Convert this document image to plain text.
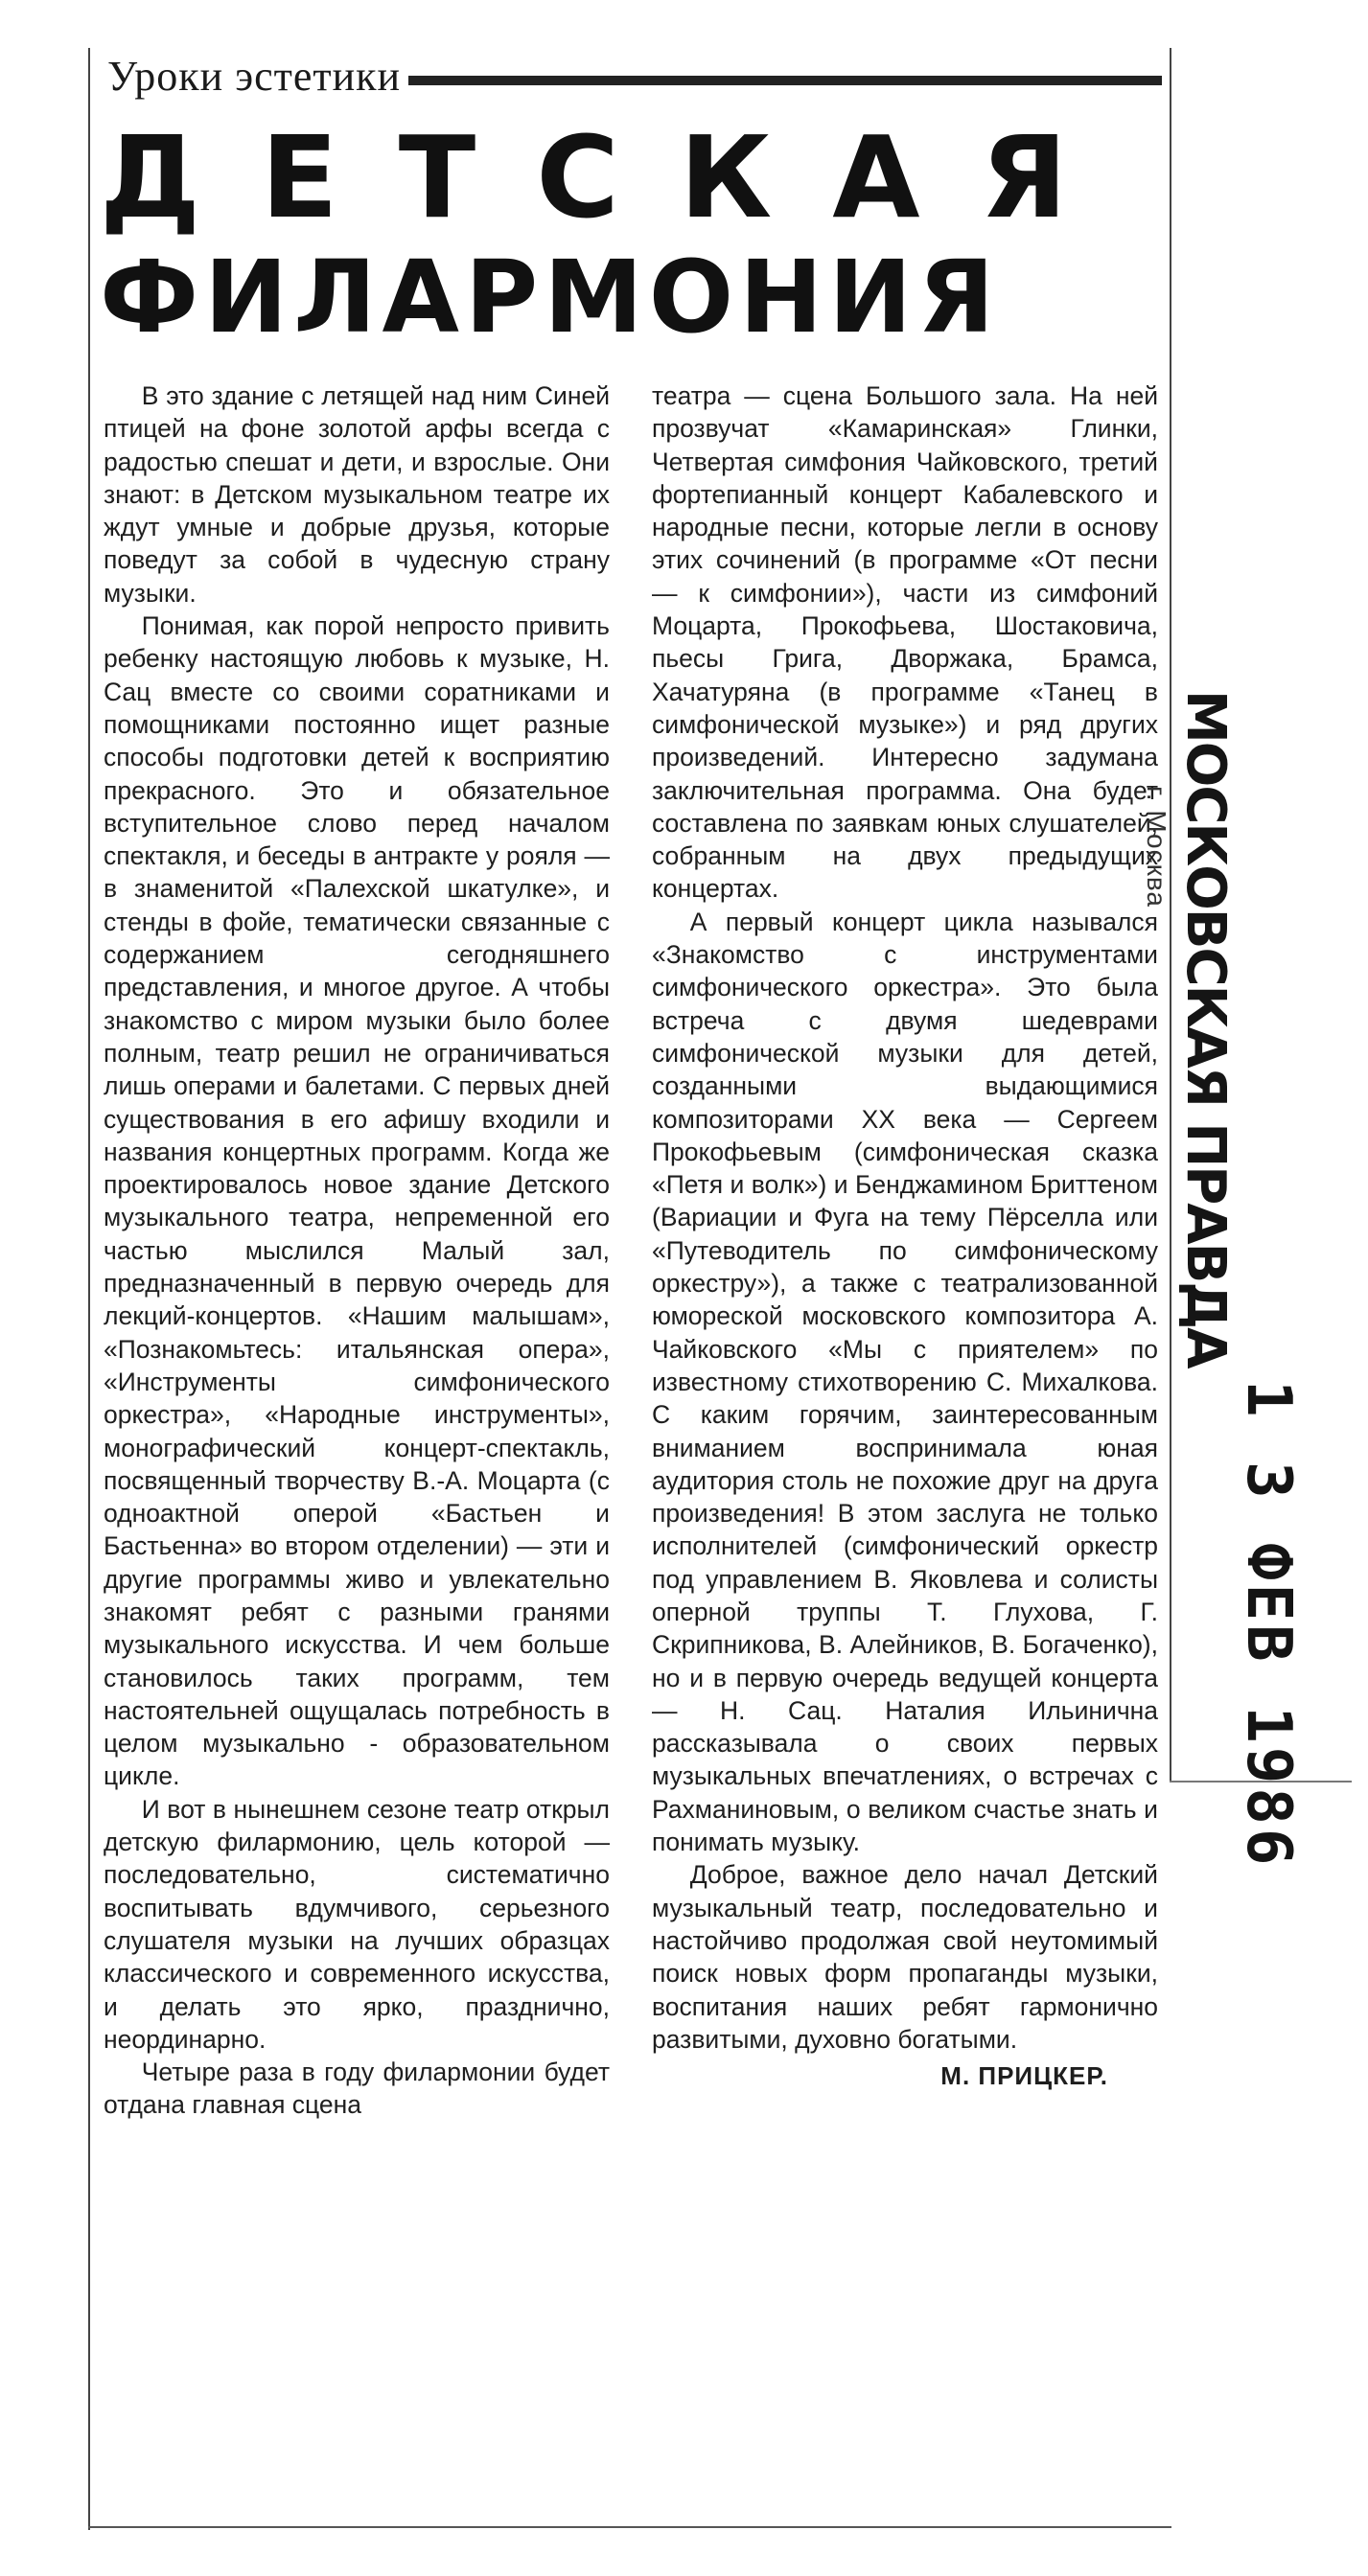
Уроки эстетики
ДЕТСКАЯ
ФИЛАРМОНИЯ

В это здание с летящей над ним Синей птицей на фоне золотой арфы всегда с радостью спешат и дети, и взрослые. Они знают: в Детском музыкальном театре их ждут умные и добрые друзья, которые поведут за собой в чудесную страну музыки.

Понимая, как порой непросто привить ребенку настоящую любовь к музыке, Н. Сац вместе со своими соратниками и помощниками постоянно ищет разные способы подготовки детей к восприятию прекрасного. Это и обязательное вступительное слово перед началом спектакля, и беседы в антракте у рояля — в знаменитой «Палехской шкатулке», и стенды в фойе, тематически связанные с содержанием сегодняшнего представления, и многое другое. А чтобы знакомство с миром музыки было более полным, театр решил не ограничиваться лишь операми и балетами. С первых дней существования в его афишу входили и названия концертных программ. Когда же проектировалось новое здание Детского музыкального театра, непременной его частью мыслился Малый зал, предназначенный в первую очередь для лекций-концертов. «Нашим малышам», «Познакомьтесь: итальянская опера», «Инструменты симфонического оркестра», «Народные инструменты», монографический концерт-спектакль, посвященный творчеству В.-А. Моцарта (с одноактной оперой «Бастьен и Бастьенна» во втором отделении) — эти и другие программы живо и увлекательно знакомят ребят с разными гранями музыкального искусства. И чем больше становилось таких программ, тем настоятельней ощущалась потребность в целом музыкально - образовательном цикле.

И вот в нынешнем сезоне театр открыл детскую филармонию, цель которой — последовательно, систематично воспитывать вдумчивого, серьезного слушателя музыки на лучших образцах классического и современного искусства, и делать это ярко, празднично, неординарно.

Четыре раза в году филармонии будет отдана главная сцена

театра — сцена Большого зала. На ней прозвучат «Камаринская» Глинки, Четвертая симфония Чайковского, третий фортепианный концерт Кабалевского и народные песни, которые легли в основу этих сочинений (в программе «От песни — к симфонии»), части из симфоний Моцарта, Прокофьева, Шостаковича, пьесы Грига, Дворжака, Брамса, Хачатуряна (в программе «Танец в симфонической музыке») и ряд других произведений. Интересно задумана заключительная программа. Она будет составлена по заявкам юных слушателей, собранным на двух предыдущих концертах.

А первый концерт цикла назывался «Знакомство с инструментами симфонического оркестра». Это была встреча с двумя шедеврами симфонической музыки для детей, созданными выдающимися композиторами XX века — Сергеем Прокофьевым (симфоническая сказка «Петя и волк») и Бенджамином Бриттеном (Вариации и Фуга на тему Пёрселла или «Путеводитель по симфоническому оркестру»), а также с театрализованной юмореской московского композитора А. Чайковского «Мы с приятелем» по известному стихотворению С. Михалкова. С каким горячим, заинтересованным вниманием воспринимала юная аудитория столь не похожие друг на друга произведения! В этом заслуга не только исполнителей (симфонический оркестр под управлением В. Яковлева и солисты оперной труппы Т. Глухова, Г. Скрипникова, В. Алейников, В. Богаченко), но и в первую очередь ведущей концерта — Н. Сац. Наталия Ильинична рассказывала о своих первых музыкальных впечатлениях, о встречах с Рахманиновым, о великом счастье знать и понимать музыку.

Доброе, важное дело начал Детский музыкальный театр, последовательно и настойчиво продолжая свой неутомимый поиск новых форм пропаганды музыки, воспитания наших ребят гармонично развитыми, духовно богатыми.

М. ПРИЦКЕР.
МОСКОВСКАЯ ПРАВДА
г. Москва
1 3 ФЕВ 1986
